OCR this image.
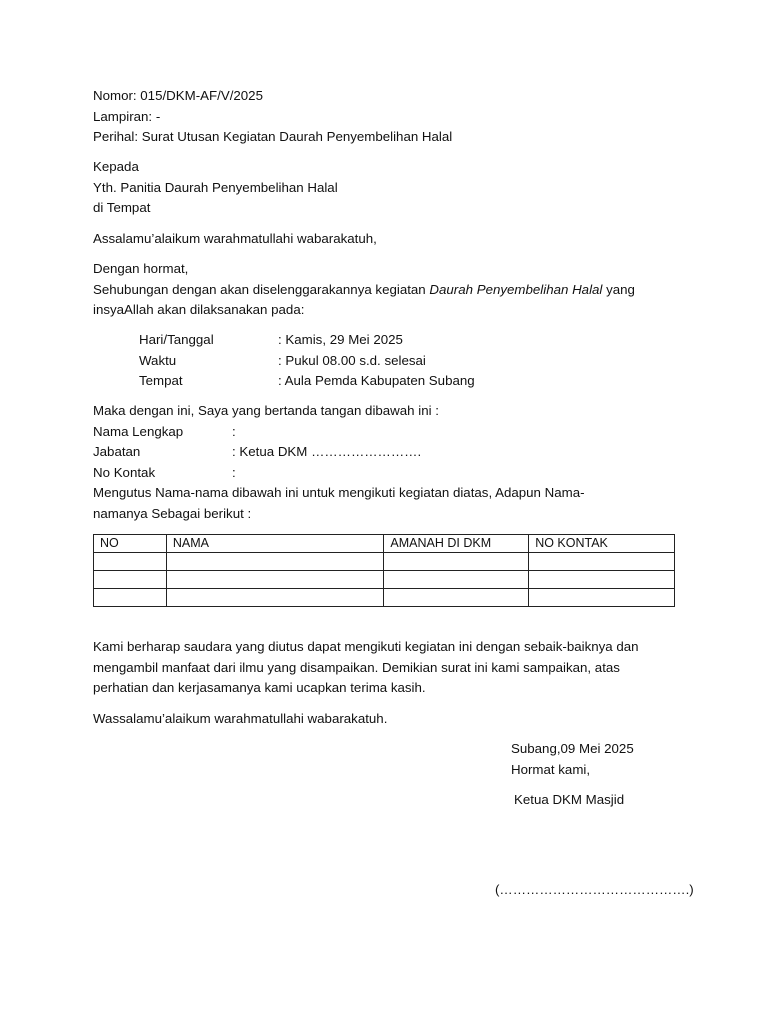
Nomor: 015/DKM-AF/V/2025
Lampiran: -
Perihal: Surat Utusan Kegiatan Daurah Penyembelihan Halal
Kepada
Yth. Panitia Daurah Penyembelihan Halal
di Tempat
Assalamu’alaikum warahmatullahi wabarakatuh,
Dengan hormat,
Sehubungan dengan akan diselenggarakannya kegiatan Daurah Penyembelihan Halal yang insyaAllah akan dilaksanakan pada:
Hari/Tanggal	: Kamis, 29 Mei 2025
Waktu	: Pukul 08.00 s.d. selesai
Tempat	: Aula Pemda Kabupaten Subang
Maka dengan ini, Saya yang bertanda tangan dibawah ini :
Nama Lengkap	:
Jabatan	: Ketua DKM …………………….
No Kontak	:
Mengutus Nama-nama dibawah ini untuk mengikuti kegiatan diatas, Adapun Nama-namanya Sebagai berikut :
NO	NAMA	AMANAH DI DKM	NO KONTAK

Kami berharap saudara yang diutus dapat mengikuti kegiatan ini dengan sebaik-baiknya dan mengambil manfaat dari ilmu yang disampaikan. Demikian surat ini kami sampaikan, atas perhatian dan kerjasamanya kami ucapkan terima kasih.
Wassalamu’alaikum warahmatullahi wabarakatuh.
Subang,09 Mei 2025
Hormat kami,
Ketua DKM Masjid
(…………………………………….)
